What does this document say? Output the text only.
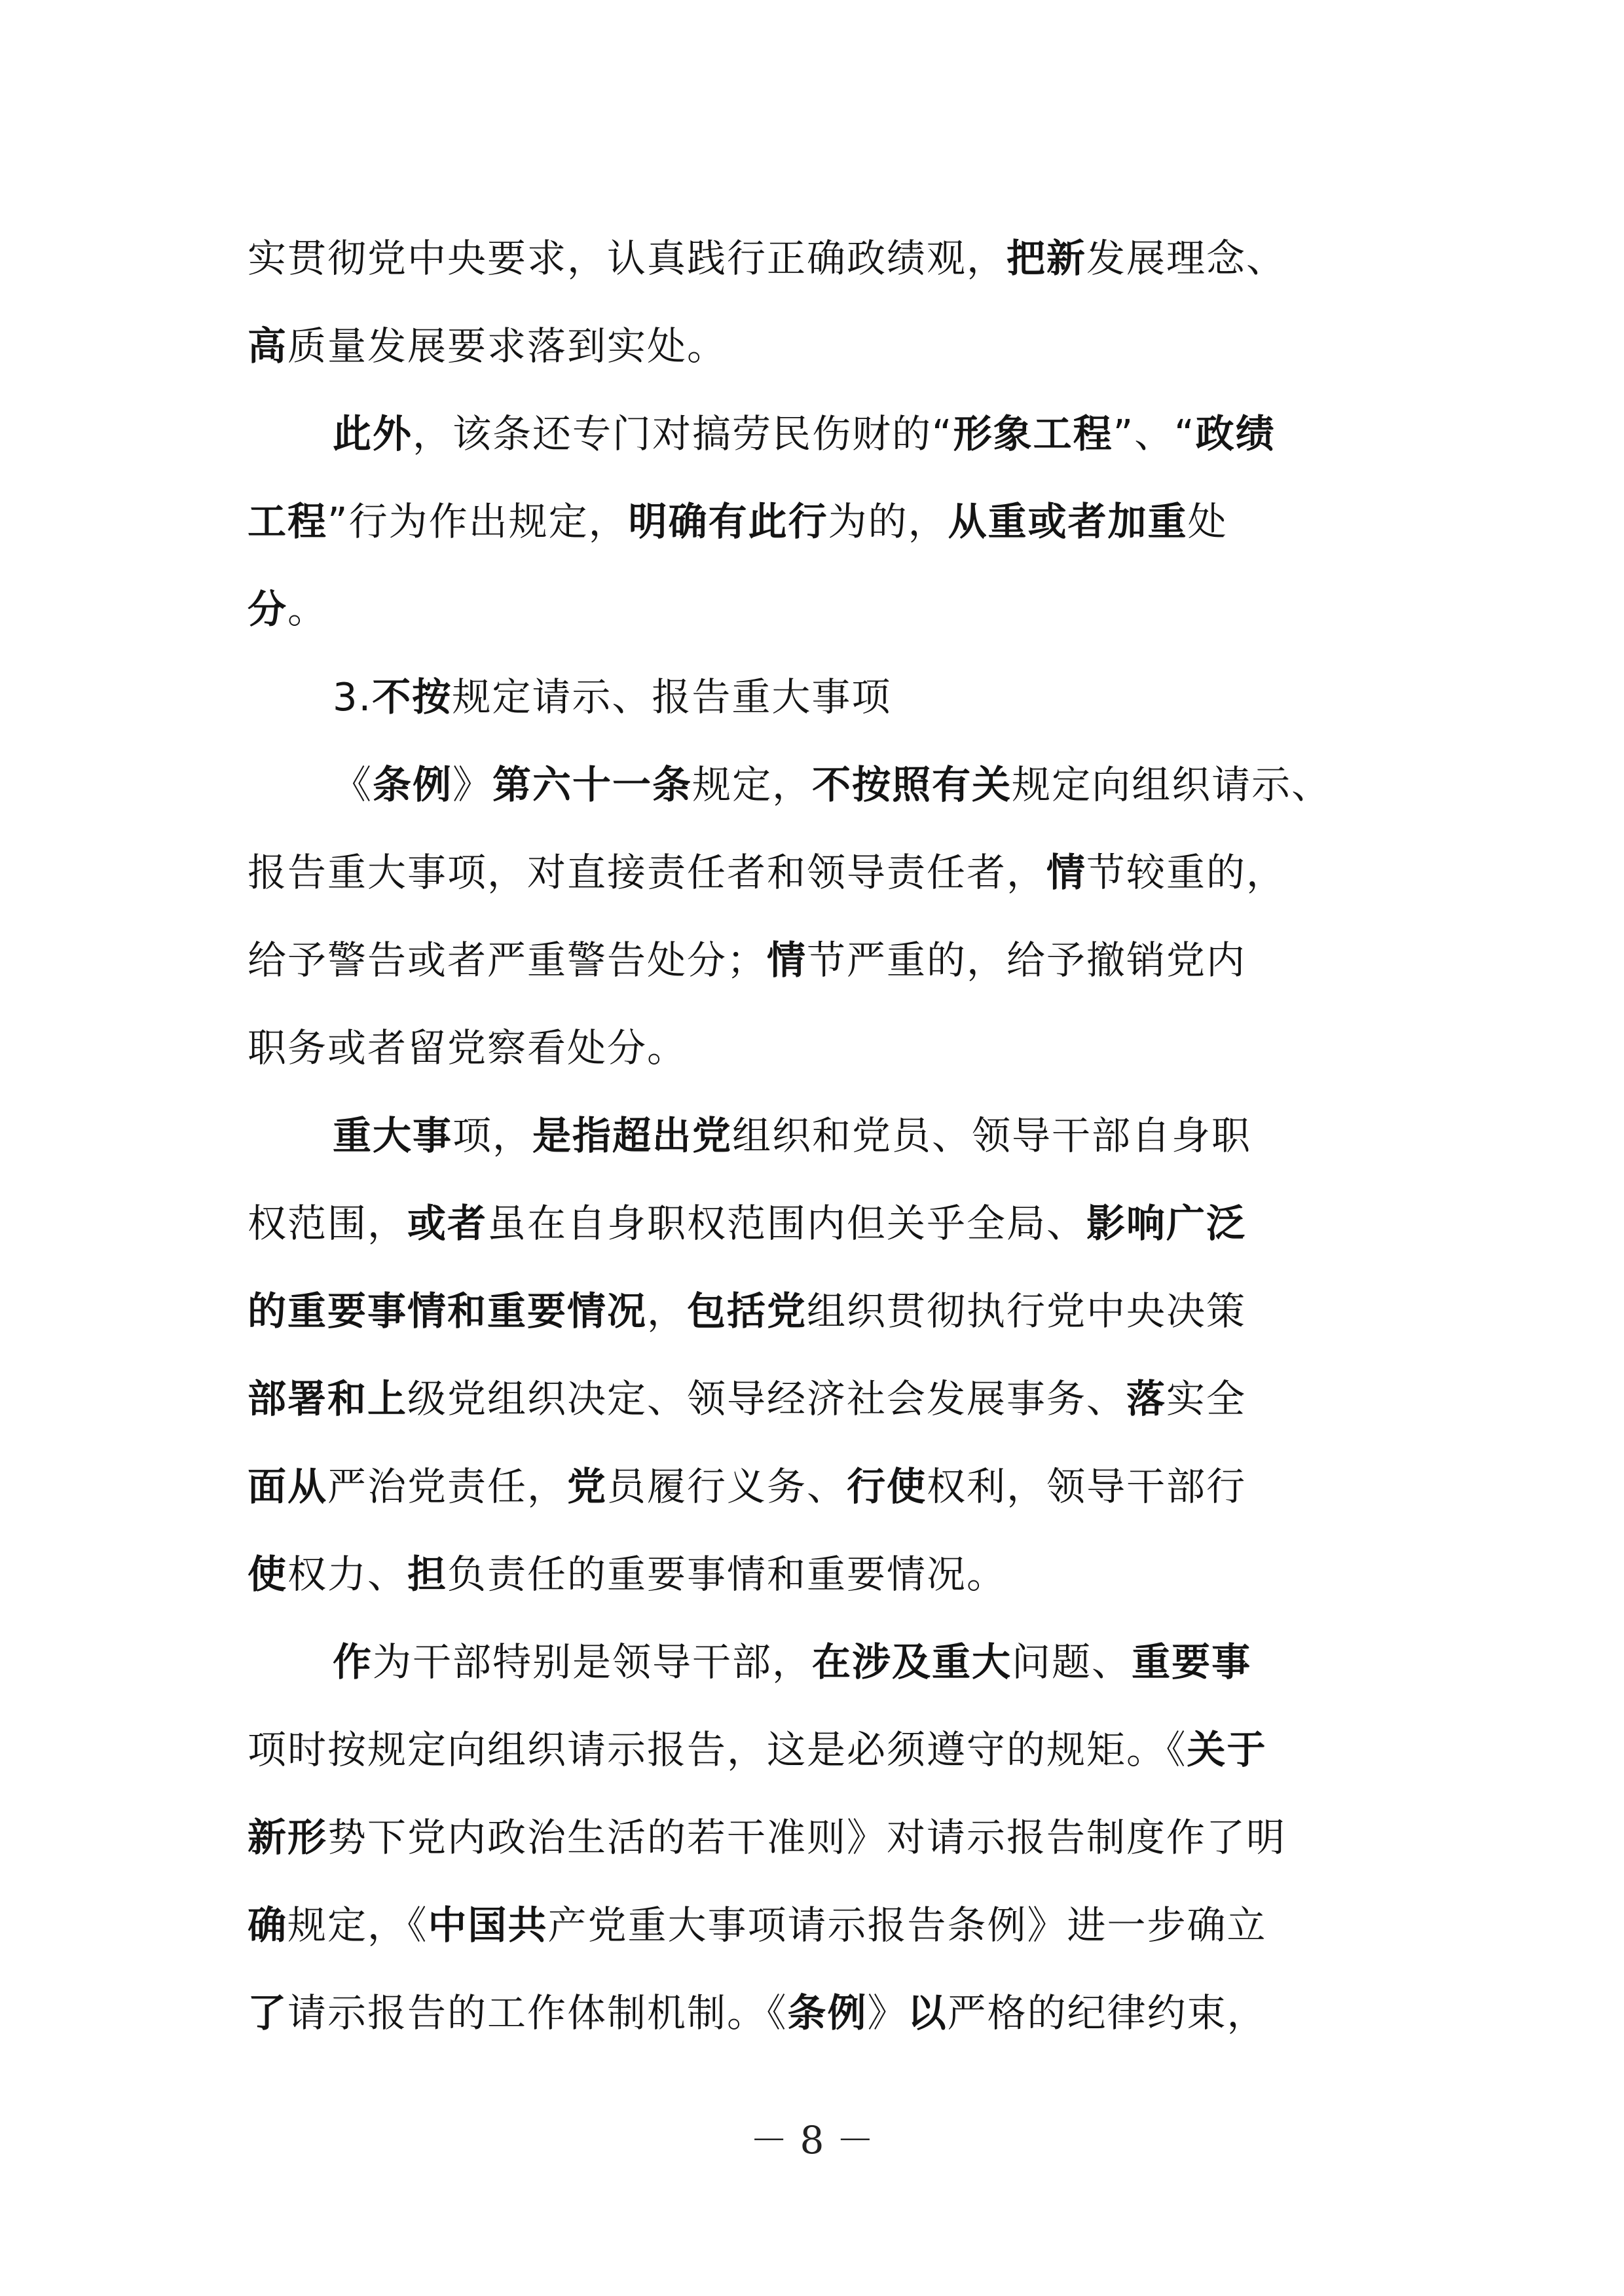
实贯彻党中央要求，认真践行正确政绩观，把新发展理念、

高质量发展要求落到实处。

此外，该条还专门对搞劳民伤财的“形象工程”、“政绩

工程”行为作出规定，明确有此行为的，从重或者加重处

分。

3.不按规定请示、报告重大事项

《条例》第六十一条规定，不按照有关规定向组织请示、

报告重大事项，对直接责任者和领导责任者，情节较重的，

给予警告或者严重警告处分；情节严重的，给予撤销党内

职务或者留党察看处分。

重大事项，是指超出党组织和党员、领导干部自身职

权范围，或者虽在自身职权范围内但关乎全局、影响广泛

的重要事情和重要情况，包括党组织贯彻执行党中央决策

部署和上级党组织决定、领导经济社会发展事务、落实全

面从严治党责任，党员履行义务、行使权利，领导干部行

使权力、担负责任的重要事情和重要情况。

作为干部特别是领导干部，在涉及重大问题、重要事

项时按规定向组织请示报告，这是必须遵守的规矩。《关于

新形势下党内政治生活的若干准则》对请示报告制度作了明

确规定，《中国共产党重大事项请示报告条例》进一步确立

了请示报告的工作体制机制。《条例》以严格的纪律约束，

－ 8 －
